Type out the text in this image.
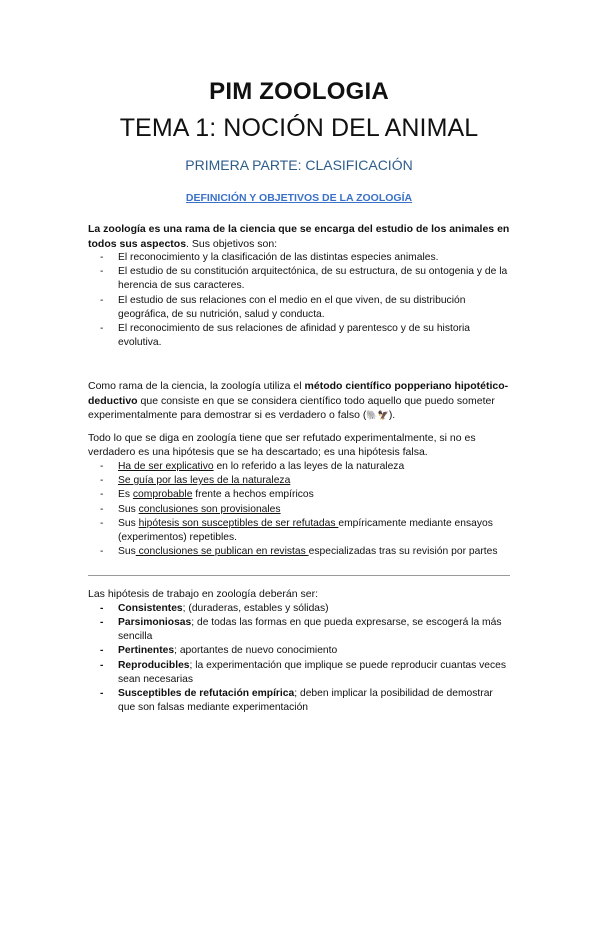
PIM ZOOLOGIA
TEMA 1: NOCIÓN DEL ANIMAL
PRIMERA PARTE: CLASIFICACIÓN
DEFINICIÓN Y OBJETIVOS DE LA ZOOLOGÍA

La zoología es una rama de la ciencia que se encarga del estudio de los animales en todos sus aspectos. Sus objetivos son:

- El reconocimiento y la clasificación de las distintas especies animales.
- El estudio de su constitución arquitectónica, de su estructura, de su ontogenia y de la herencia de sus caracteres.
- El estudio de sus relaciones con el medio en el que viven, de su distribución geográfica, de su nutrición, salud y conducta.
- El reconocimiento de sus relaciones de afinidad y parentesco y de su historia evolutiva.

Como rama de la ciencia, la zoología utiliza el método científico popperiano hipotético-deductivo que consiste en que se considera científico todo aquello que puedo someter experimentalmente para demostrar si es verdadero o falso (🐘🦅).

Todo lo que se diga en zoología tiene que ser refutado experimentalmente, si no es verdadero es una hipótesis que se ha descartado; es una hipótesis falsa.

- Ha de ser explicativo en lo referido a las leyes de la naturaleza
- Se guía por las leyes de la naturaleza
- Es comprobable frente a hechos empíricos
- Sus conclusiones son provisionales
- Sus hipótesis son susceptibles de ser refutadas empíricamente mediante ensayos (experimentos) repetibles.
- Sus conclusiones se publican en revistas especializadas tras su revisión por partes

Las hipótesis de trabajo en zoología deberán ser:

- Consistentes; (duraderas, estables y sólidas)
- Parsimoniosas; de todas las formas en que pueda expresarse, se escogerá la más sencilla
- Pertinentes; aportantes de nuevo conocimiento
- Reproducibles; la experimentación que implique se puede reproducir cuantas veces sean necesarias
- Susceptibles de refutación empírica; deben implicar la posibilidad de demostrar que son falsas mediante experimentación
